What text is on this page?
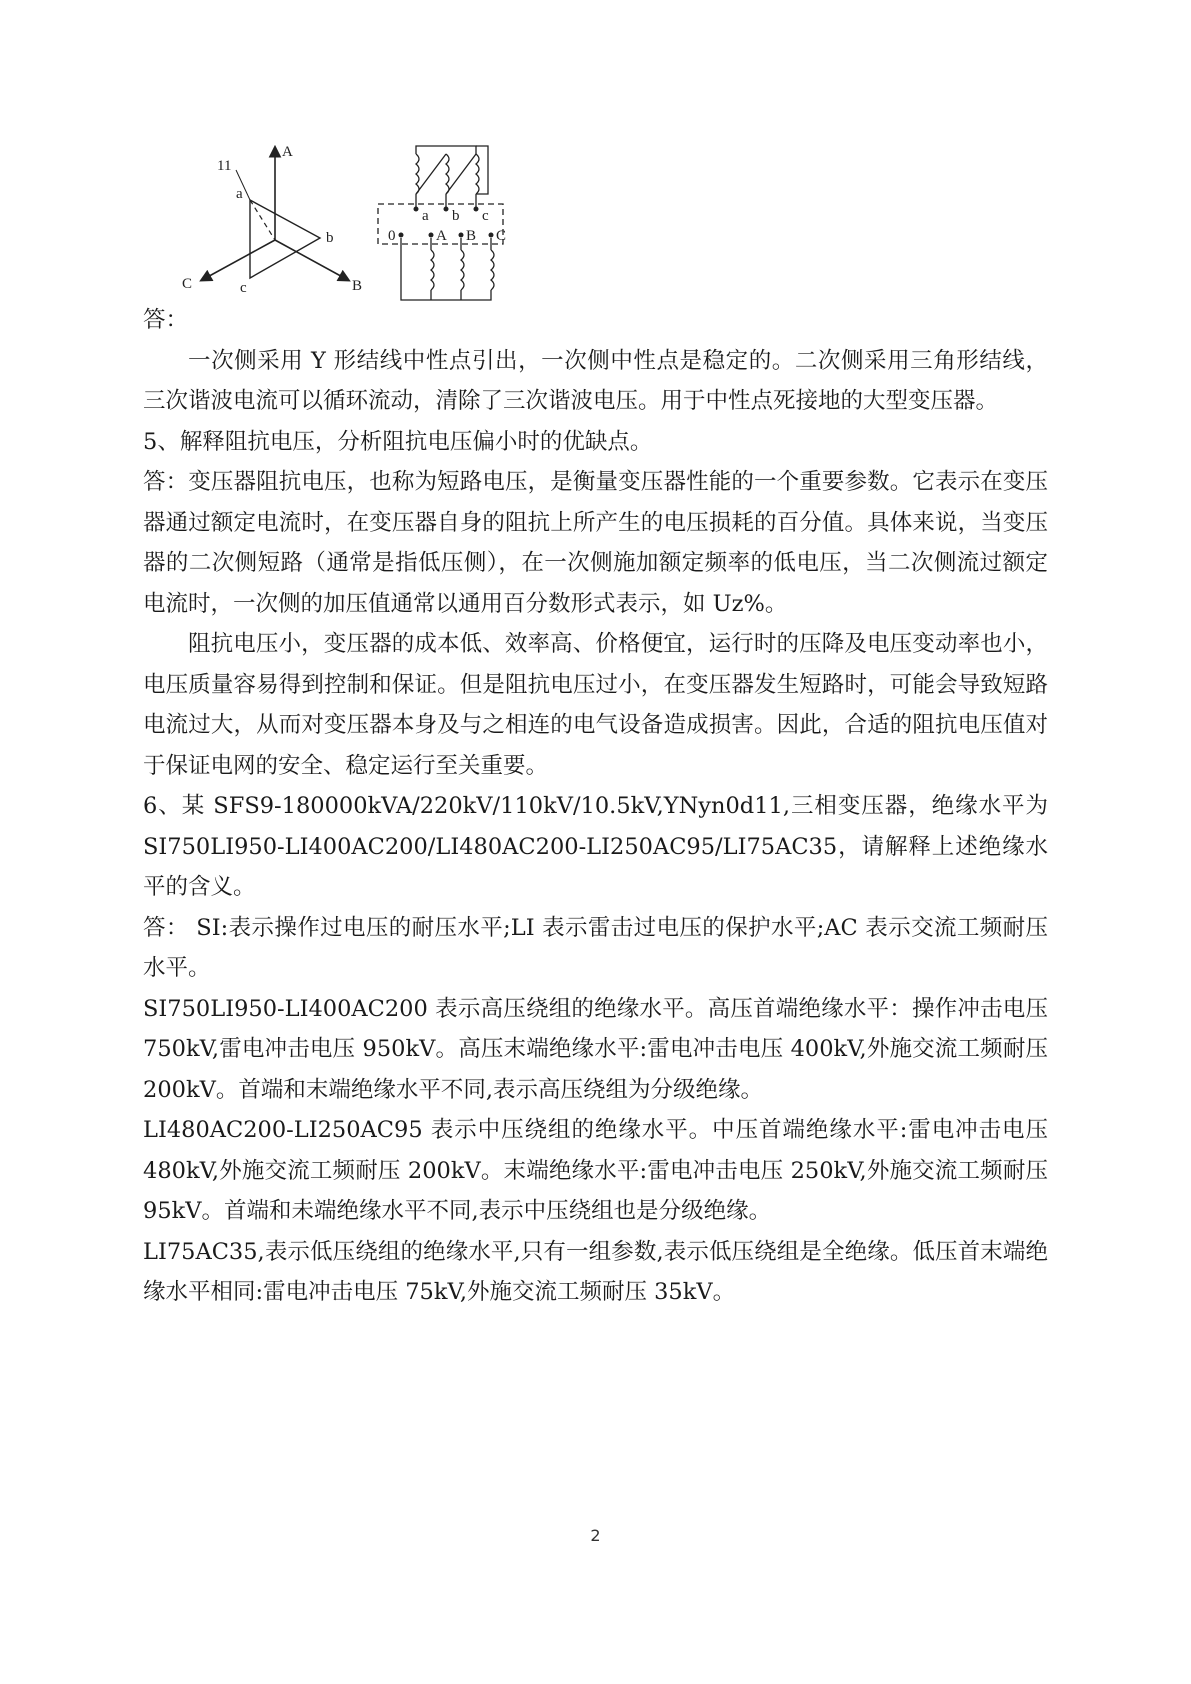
A
B
C
11
a
b
c
a b c
0	A B C

答：

一次侧采用 Y 形结线中性点引出，一次侧中性点是稳定的。二次侧采用三角形结线，三次谐波电流可以循环流动，清除了三次谐波电压。用于中性点死接地的大型变压器。

5、解释阻抗电压，分析阻抗电压偏小时的优缺点。

答：变压器阻抗电压，也称为短路电压，是衡量变压器性能的一个重要参数。它表示在变压器通过额定电流时，在变压器自身的阻抗上所产生的电压损耗的百分值。具体来说，当变压器的二次侧短路（通常是指低压侧），在一次侧施加额定频率的低电压，当二次侧流过额定电流时，一次侧的加压值通常以通用百分数形式表示，如 Uz%。

阻抗电压小，变压器的成本低、效率高、价格便宜，运行时的压降及电压变动率也小，电压质量容易得到控制和保证。但是阻抗电压过小，在变压器发生短路时，可能会导致短路电流过大，从而对变压器本身及与之相连的电气设备造成损害。因此，合适的阻抗电压值对于保证电网的安全、稳定运行至关重要。

6、某 SFS9-180000kVA/220kV/110kV/10.5kV,YNyn0d11,三相变压器，绝缘水平为 SI750LI950-LI400AC200/LI480AC200-LI250AC95/LI75AC35，请解释上述绝缘水平的含义。

答： SI:表示操作过电压的耐压水平;LI 表示雷击过电压的保护水平;AC 表示交流工频耐压水平。

SI750LI950-LI400AC200 表示高压绕组的绝缘水平。高压首端绝缘水平：操作冲击电压 750kV,雷电冲击电压 950kV。高压末端绝缘水平:雷电冲击电压 400kV,外施交流工频耐压 200kV。首端和末端绝缘水平不同,表示高压绕组为分级绝缘。

LI480AC200-LI250AC95 表示中压绕组的绝缘水平。中压首端绝缘水平:雷电冲击电压 480kV,外施交流工频耐压 200kV。末端绝缘水平:雷电冲击电压 250kV,外施交流工频耐压 95kV。首端和未端绝缘水平不同,表示中压绕组也是分级绝缘。

LI75AC35,表示低压绕组的绝缘水平,只有一组参数,表示低压绕组是全绝缘。低压首末端绝缘水平相同:雷电冲击电压 75kV,外施交流工频耐压 35kV。

2
